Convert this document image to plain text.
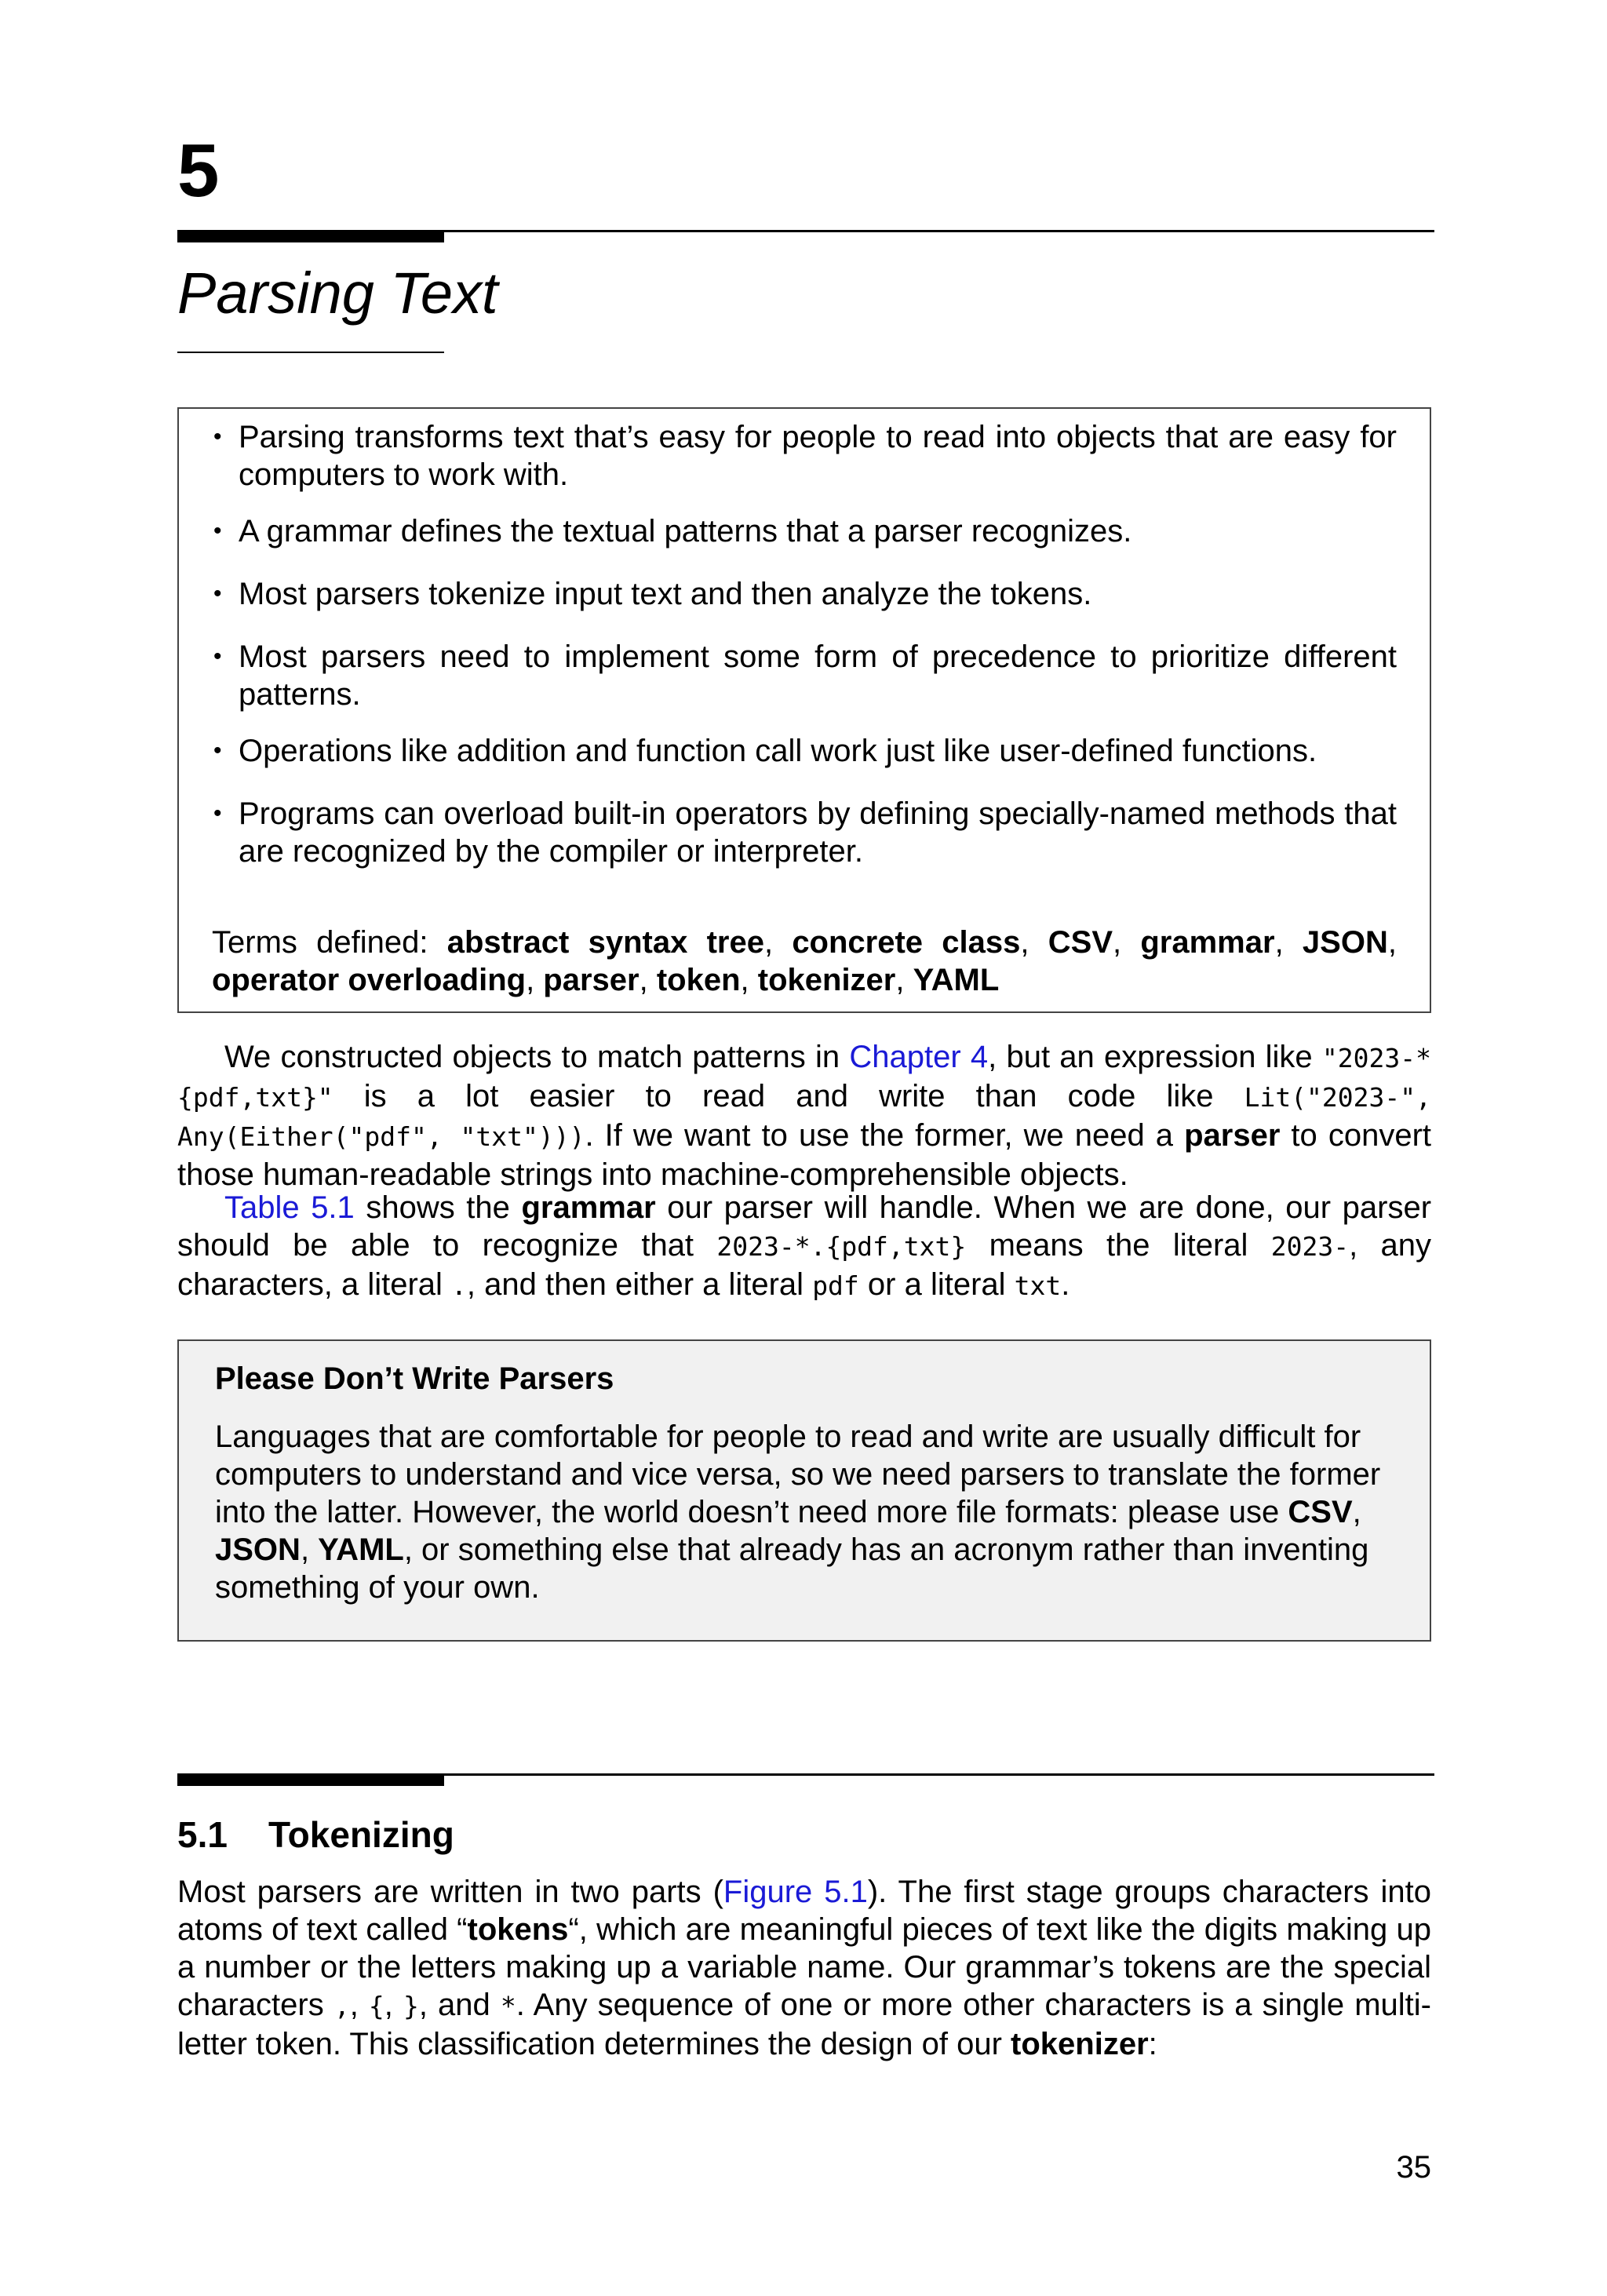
5
Parsing Text
• Parsing transforms text that’s easy for people to read into objects that are easy for computers to work with.
• A grammar defines the textual patterns that a parser recognizes.
• Most parsers tokenize input text and then analyze the tokens.
• Most parsers need to implement some form of precedence to prioritize different patterns.
• Operations like addition and function call work just like user-defined functions.
• Programs can overload built-in operators by defining specially-named methods that are recognized by the compiler or interpreter.
Terms defined: abstract syntax tree, concrete class, CSV, grammar, JSON, operator overloading, parser, token, tokenizer, YAML
We constructed objects to match patterns in Chapter 4, but an expression like "2023-*{pdf,txt}" is a lot easier to read and write than code like Lit("2023-", Any(Either("pdf", "txt"))). If we want to use the former, we need a parser to convert those human-readable strings into machine-comprehensible objects.
Table 5.1 shows the grammar our parser will handle. When we are done, our parser should be able to recognize that 2023-*.{pdf,txt} means the literal 2023-, any characters, a literal ., and then either a literal pdf or a literal txt.
Please Don’t Write Parsers
Languages that are comfortable for people to read and write are usually difficult for computers to understand and vice versa, so we need parsers to translate the former into the latter. However, the world doesn’t need more file formats: please use CSV, JSON, YAML, or something else that already has an acronym rather than inventing something of your own.
5.1 Tokenizing
Most parsers are written in two parts (Figure 5.1). The first stage groups characters into atoms of text called “tokens“, which are meaningful pieces of text like the digits making up a number or the letters making up a variable name. Our grammar’s tokens are the special characters ,, {, }, and *. Any sequence of one or more other characters is a single multi-letter token. This classification determines the design of our tokenizer:
35
